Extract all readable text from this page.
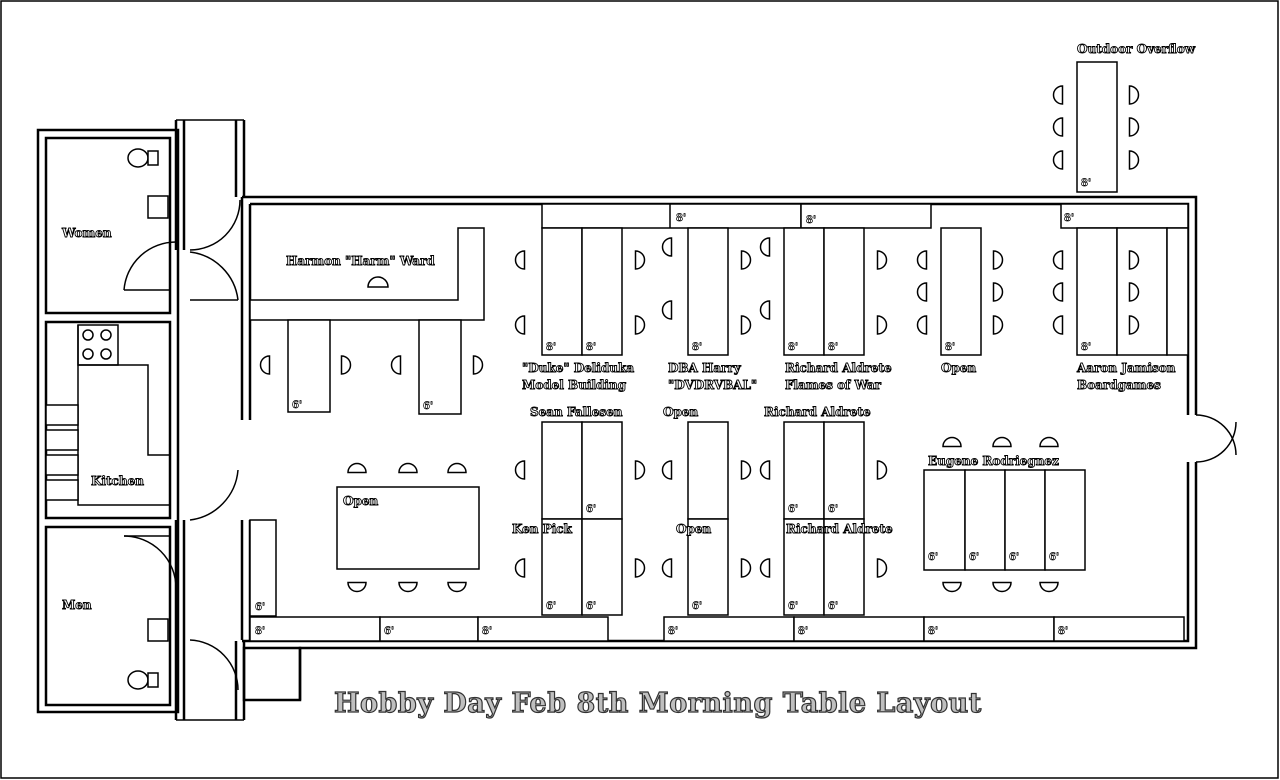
Women
Kitchen
Men
Harmon "Harm" Ward
6'	6'
8'	8'	8'
8'	8'	8'	8'	8'	8'	8'
6'
6'	6'	6'
6'	6'
6'	6'
6'	6'	6'	6'
6'
8'	6'	8'	8'	8'	8'	8'
8'
Outdoor Overflow
"Duke" Deliduka
Model Building
DBA Harry
"DVDRVBAL"
Richard Aldrete
Flames of War
Open	Aaron Jamison
Boardgames
Sean Fallesen	Open	Richard Aldrete
Eugene Rodriegnez
Open
Ken Pick	Open	Richard Aldrete
Hobby Day Feb 8th Morning Table Layout
